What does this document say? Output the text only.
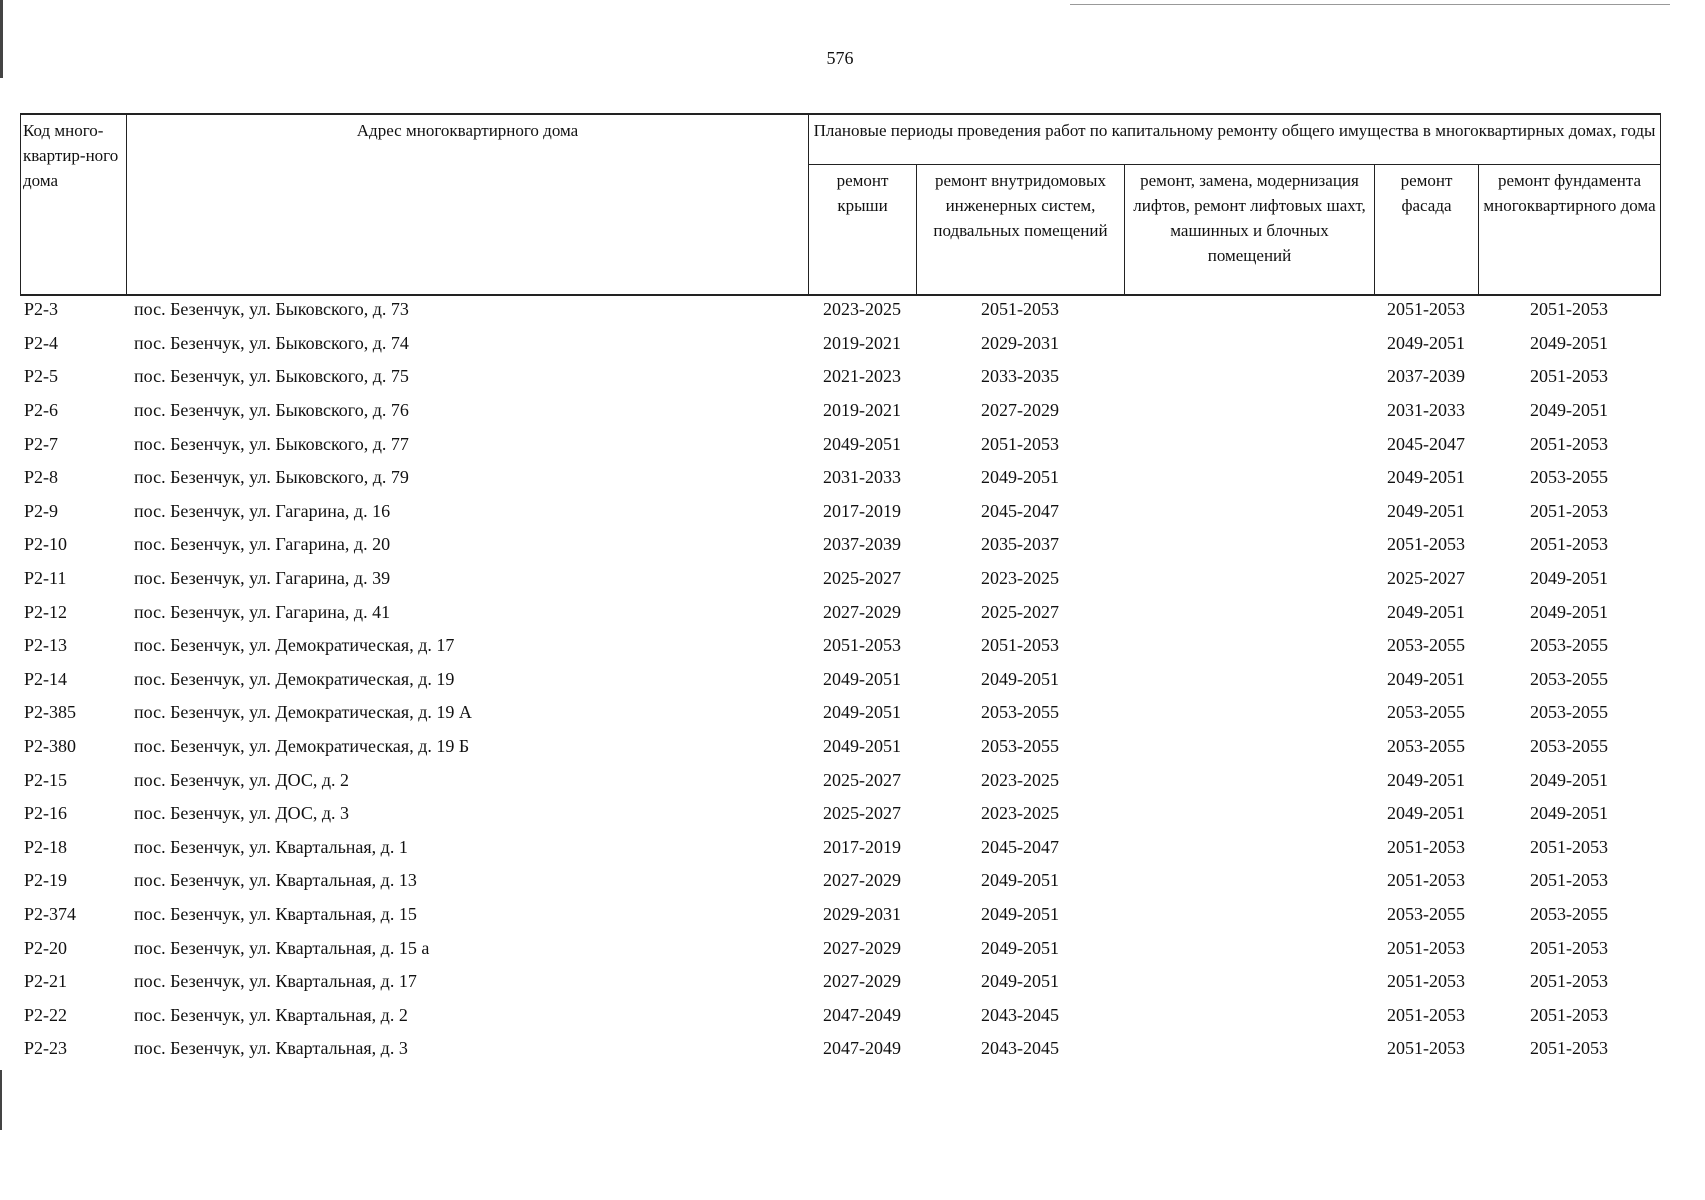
576
Код много-квартир-ного дома	Адрес многоквартирного дома	Плановые периоды проведения работ по капитальному ремонту общего имущества в многоквартирных домах, годы				
		ремонт крыши	ремонт внутридомовых инженерных систем, подвальных помещений	ремонт, замена, модернизация лифтов, ремонт лифтовых шахт, машинных и блочных помещений	ремонт фасада	ремонт фундамента многоквартирного дома
Р2-3	пос. Безенчук, ул. Быковского, д. 73	2023-2025	2051-2053		2051-2053	2051-2053
Р2-4	пос. Безенчук, ул. Быковского, д. 74	2019-2021	2029-2031		2049-2051	2049-2051
Р2-5	пос. Безенчук, ул. Быковского, д. 75	2021-2023	2033-2035		2037-2039	2051-2053
Р2-6	пос. Безенчук, ул. Быковского, д. 76	2019-2021	2027-2029		2031-2033	2049-2051
Р2-7	пос. Безенчук, ул. Быковского, д. 77	2049-2051	2051-2053		2045-2047	2051-2053
Р2-8	пос. Безенчук, ул. Быковского, д. 79	2031-2033	2049-2051		2049-2051	2053-2055
Р2-9	пос. Безенчук, ул. Гагарина, д. 16	2017-2019	2045-2047		2049-2051	2051-2053
Р2-10	пос. Безенчук, ул. Гагарина, д. 20	2037-2039	2035-2037		2051-2053	2051-2053
Р2-11	пос. Безенчук, ул. Гагарина, д. 39	2025-2027	2023-2025		2025-2027	2049-2051
Р2-12	пос. Безенчук, ул. Гагарина, д. 41	2027-2029	2025-2027		2049-2051	2049-2051
Р2-13	пос. Безенчук, ул. Демократическая, д. 17	2051-2053	2051-2053		2053-2055	2053-2055
Р2-14	пос. Безенчук, ул. Демократическая, д. 19	2049-2051	2049-2051		2049-2051	2053-2055
Р2-385	пос. Безенчук, ул. Демократическая, д. 19 А	2049-2051	2053-2055		2053-2055	2053-2055
Р2-380	пос. Безенчук, ул. Демократическая, д. 19 Б	2049-2051	2053-2055		2053-2055	2053-2055
Р2-15	пос. Безенчук, ул. ДОС, д. 2	2025-2027	2023-2025		2049-2051	2049-2051
Р2-16	пос. Безенчук, ул. ДОС, д. 3	2025-2027	2023-2025		2049-2051	2049-2051
Р2-18	пос. Безенчук, ул. Квартальная, д. 1	2017-2019	2045-2047		2051-2053	2051-2053
Р2-19	пос. Безенчук, ул. Квартальная, д. 13	2027-2029	2049-2051		2051-2053	2051-2053
Р2-374	пос. Безенчук, ул. Квартальная, д. 15	2029-2031	2049-2051		2053-2055	2053-2055
Р2-20	пос. Безенчук, ул. Квартальная, д. 15 а	2027-2029	2049-2051		2051-2053	2051-2053
Р2-21	пос. Безенчук, ул. Квартальная, д. 17	2027-2029	2049-2051		2051-2053	2051-2053
Р2-22	пос. Безенчук, ул. Квартальная, д. 2	2047-2049	2043-2045		2051-2053	2051-2053
Р2-23	пос. Безенчук, ул. Квартальная, д. 3	2047-2049	2043-2045		2051-2053	2051-2053
